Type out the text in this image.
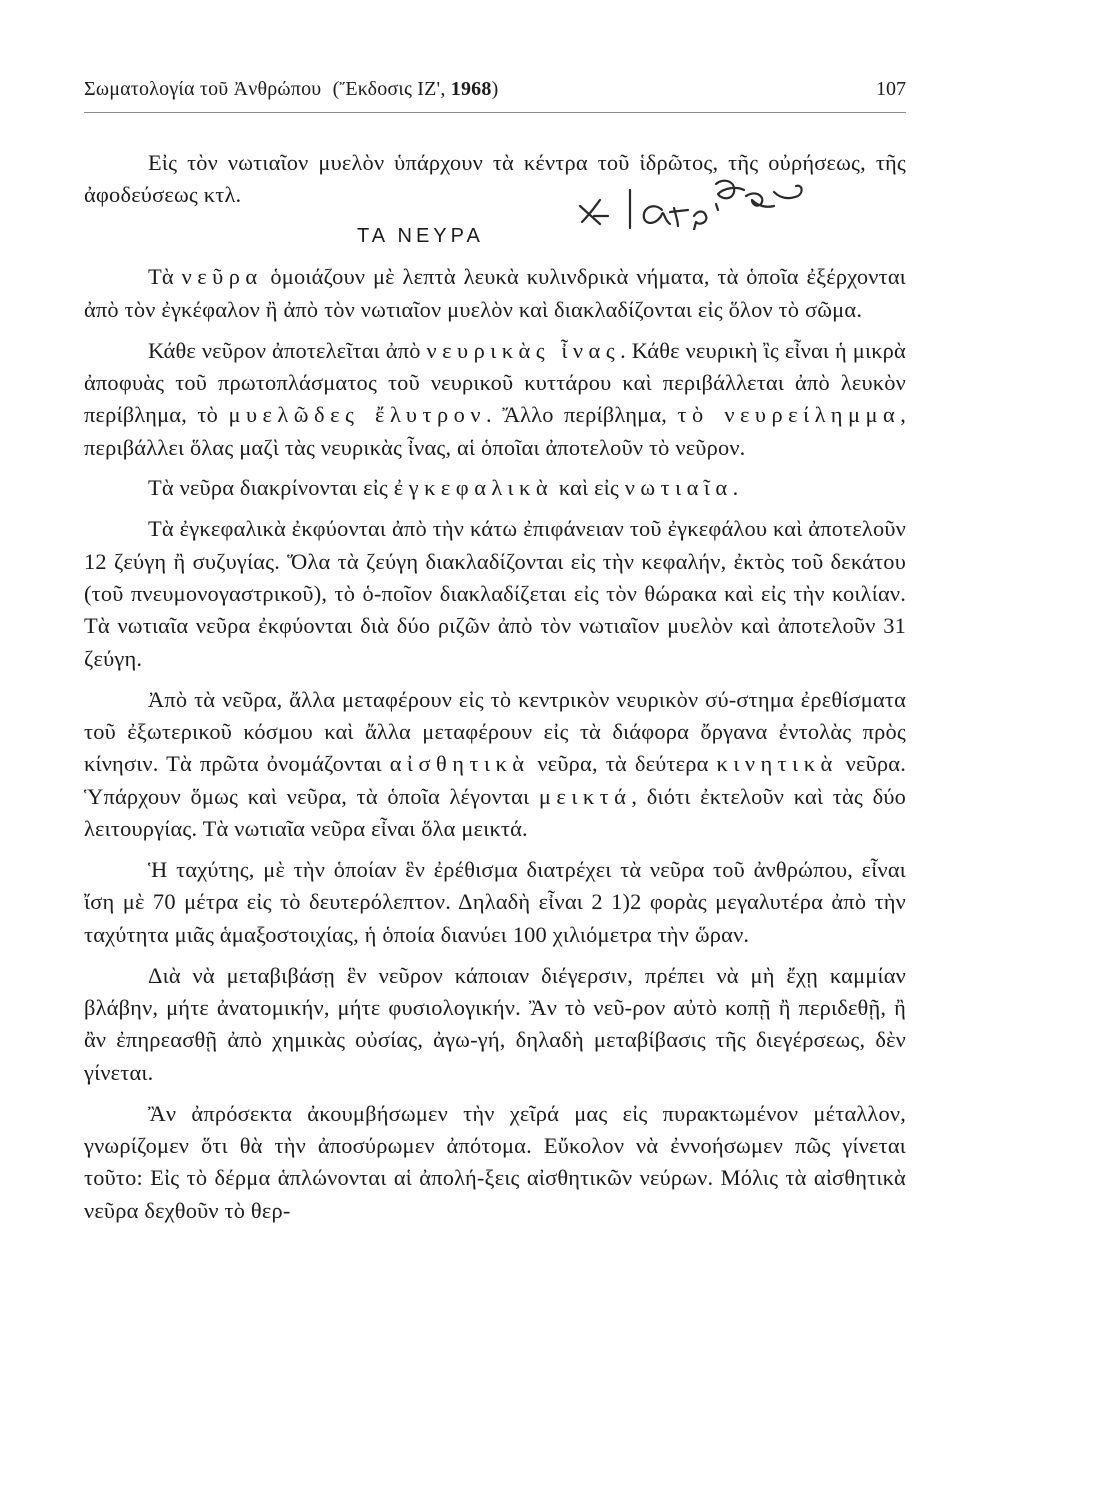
Σωματολογία τοῦ Ἀνθρώπου (Ἔκδοσις ΙΖ', 1968)	107

Εἰς τὸν νωτιαῖον μυελὸν ὑπάρχουν τὰ κέντρα τοῦ ἱδρῶτος, τῆς οὐρήσεως, τῆς ἀφοδεύσεως κτλ.

ΤΑ ΝΕΥΡΑ

Τὰ νεῦρα ὁμοιάζουν μὲ λεπτὰ λευκὰ κυλινδρικὰ νήματα, τὰ ὁποῖα ἐξέρχονται ἀπὸ τὸν ἐγκέφαλον ἢ ἀπὸ τὸν νωτιαῖον μυελὸν καὶ διακλαδίζονται εἰς ὅλον τὸ σῶμα.

Κάθε νεῦρον ἀποτελεῖται ἀπὸ νευρικὰς ἶνας. Κάθε νευρικὴ ἲς εἶναι ἡ μικρὰ ἀποφυὰς τοῦ πρωτοπλάσματος τοῦ νευρικοῦ κυττάρου καὶ περιβάλλεται ἀπὸ λευκὸν περίβλημα, τὸ μυελῶδες ἔλυτρον. Ἄλλο περίβλημα, τὸ νευρείλημμα, περιβάλλει ὅλας μαζὶ τὰς νευρικὰς ἶνας, αἱ ὁποῖαι ἀποτελοῦν τὸ νεῦρον.

Τὰ νεῦρα διακρίνονται εἰς ἐγκεφαλικὰ καὶ εἰς νωτιαῖα.

Τὰ ἐγκεφαλικὰ ἐκφύονται ἀπὸ τὴν κάτω ἐπιφάνειαν τοῦ ἐγκεφάλου καὶ ἀποτελοῦν 12 ζεύγη ἢ συζυγίας. Ὅλα τὰ ζεύγη διακλαδίζονται εἰς τὴν κεφαλήν, ἐκτὸς τοῦ δεκάτου (τοῦ πνευμονογαστρικοῦ), τὸ ὁ-ποῖον διακλαδίζεται εἰς τὸν θώρακα καὶ εἰς τὴν κοιλίαν. Τὰ νωτιαῖα νεῦρα ἐκφύονται διὰ δύο ριζῶν ἀπὸ τὸν νωτιαῖον μυελὸν καὶ ἀποτελοῦν 31 ζεύγη.

Ἀπὸ τὰ νεῦρα, ἄλλα μεταφέρουν εἰς τὸ κεντρικὸν νευρικὸν σύ-στημα ἐρεθίσματα τοῦ ἐξωτερικοῦ κόσμου καὶ ἄλλα μεταφέρουν εἰς τὰ διάφορα ὄργανα ἐντολὰς πρὸς κίνησιν. Τὰ πρῶτα ὀνομάζονται αἰσθητικὰ νεῦρα, τὰ δεύτερα κινητικὰ νεῦρα. Ὑπάρχουν ὅμως καὶ νεῦρα, τὰ ὁποῖα λέγονται μεικτά, διότι ἐκτελοῦν καὶ τὰς δύο λειτουργίας. Τὰ νωτιαῖα νεῦρα εἶναι ὅλα μεικτά.

Ἡ ταχύτης, μὲ τὴν ὁποίαν ἓν ἐρέθισμα διατρέχει τὰ νεῦρα τοῦ ἀνθρώπου, εἶναι ἴση μὲ 70 μέτρα εἰς τὸ δευτερόλεπτον. Δηλαδὴ εἶναι 2 1)2 φορὰς μεγαλυτέρα ἀπὸ τὴν ταχύτητα μιᾶς ἁμαξοστοιχίας, ἡ ὁποία διανύει 100 χιλιόμετρα τὴν ὥραν.

Διὰ νὰ μεταβιβάσῃ ἓν νεῦρον κάποιαν διέγερσιν, πρέπει νὰ μὴ ἔχῃ καμμίαν βλάβην, μήτε ἀνατομικήν, μήτε φυσιολογικήν. Ἂν τὸ νεῦ-ρον αὐτὸ κοπῇ ἢ περιδεθῇ, ἢ ἂν ἐπηρεασθῇ ἀπὸ χημικὰς οὐσίας, ἀγω-γή, δηλαδὴ μεταβίβασις τῆς διεγέρσεως, δὲν γίνεται.

Ἂν ἀπρόσεκτα ἀκουμβήσωμεν τὴν χεῖρά μας εἰς πυρακτωμένον μέταλλον, γνωρίζομεν ὅτι θὰ τὴν ἀποσύρωμεν ἀπότομα. Εὔκολον νὰ ἐννοήσωμεν πῶς γίνεται τοῦτο: Εἰς τὸ δέρμα ἁπλώνονται αἱ ἀπολή-ξεις αἰσθητικῶν νεύρων. Μόλις τὰ αἰσθητικὰ νεῦρα δεχθοῦν τὸ θερ-
